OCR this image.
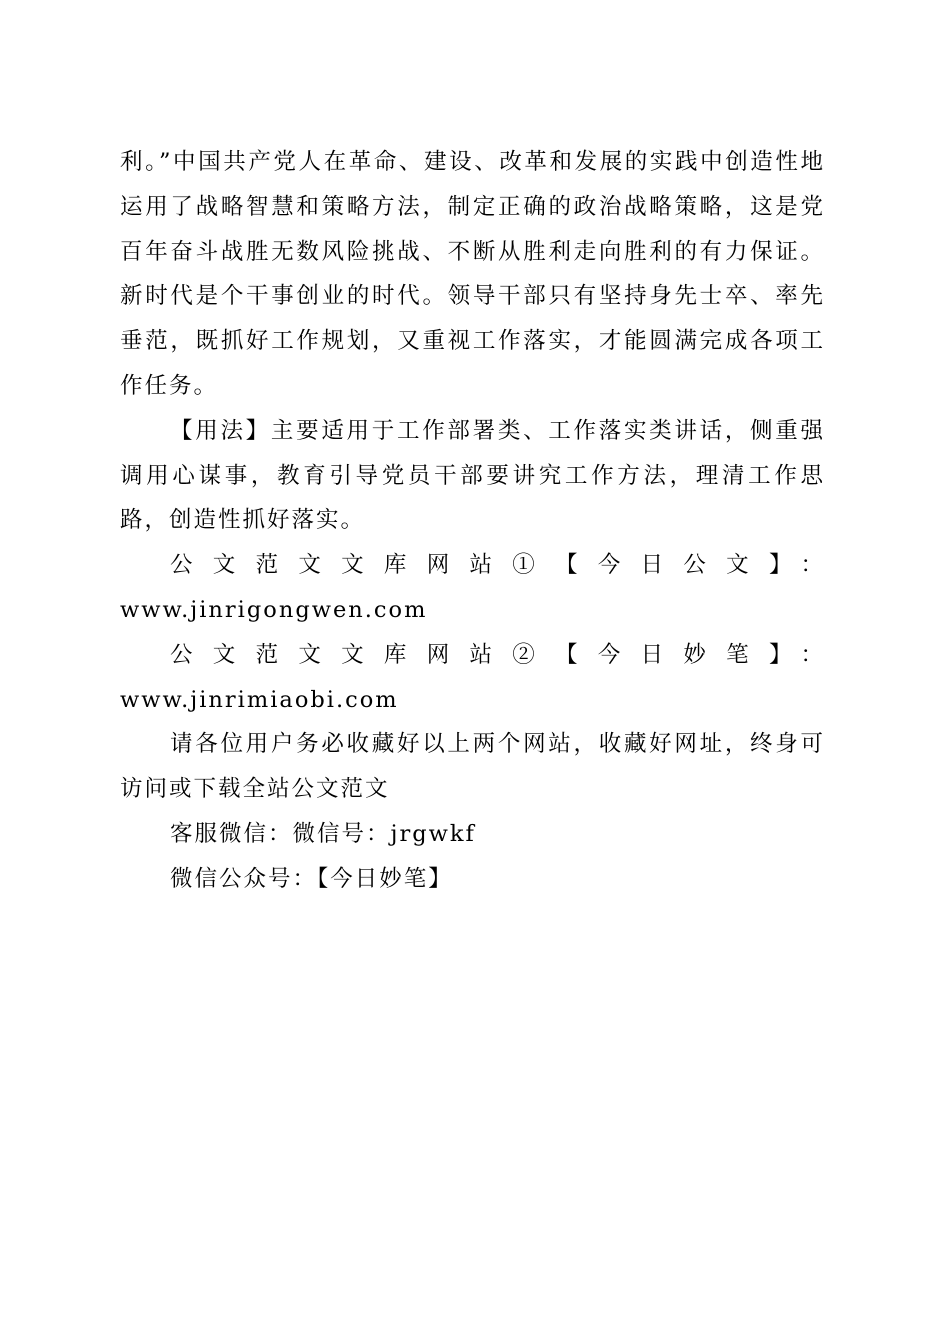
利。”中国共产党人在革命、建设、改革和发展的实践中创造性地运用了战略智慧和策略方法，制定正确的政治战略策略，这是党百年奋斗战胜无数风险挑战、不断从胜利走向胜利的有力保证。新时代是个干事创业的时代。领导干部只有坚持身先士卒、率先垂范，既抓好工作规划，又重视工作落实，才能圆满完成各项工作任务。

【用法】主要适用于工作部署类、工作落实类讲话，侧重强调用心谋事，教育引导党员干部要讲究工作方法，理清工作思路，创造性抓好落实。

公文范文文库网站①【今日公文】：

www.jinrigongwen.com

公文范文文库网站②【今日妙笔】：www.jinrimiaobi.com

请各位用户务必收藏好以上两个网站，收藏好网址，终身可访问或下载全站公文范文

客服微信：微信号：jrgwkf

微信公众号：【今日妙笔】
